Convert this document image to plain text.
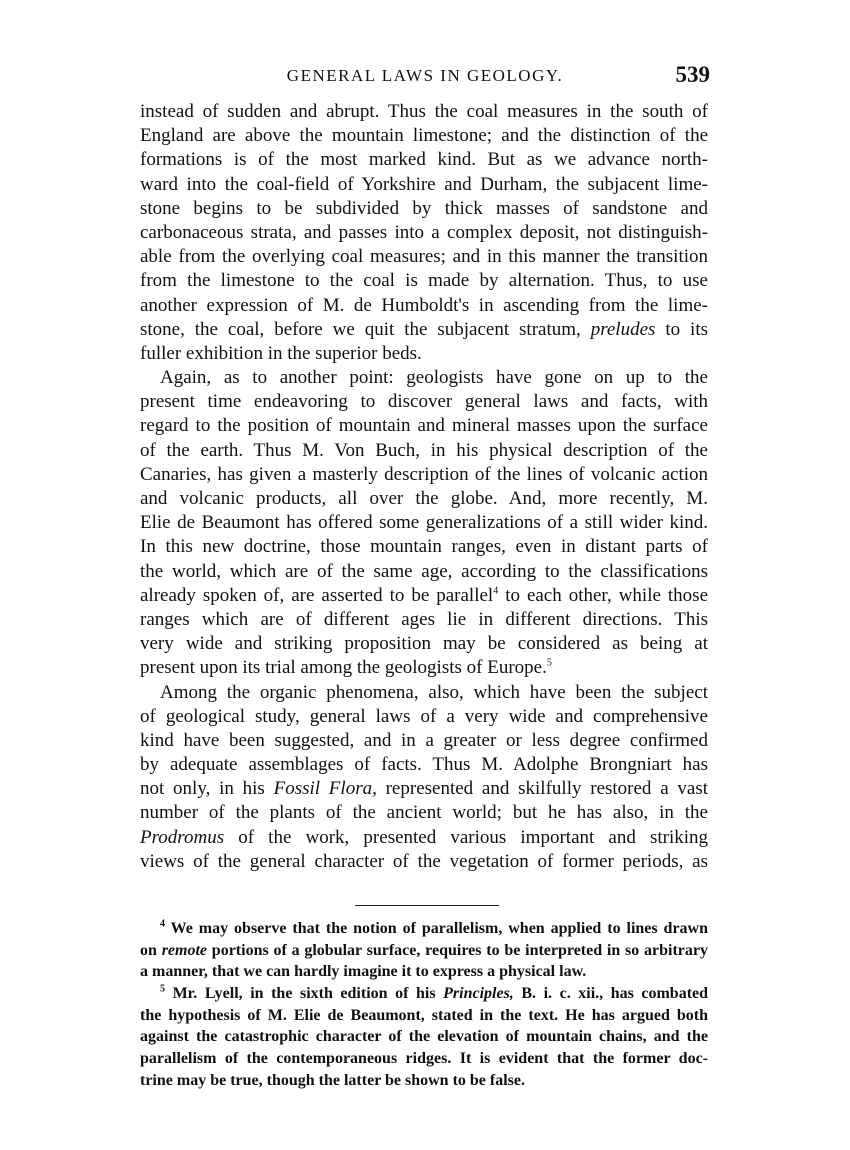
GENERAL LAWS IN GEOLOGY.	539
instead of sudden and abrupt. Thus the coal measures in the south of
England are above the mountain limestone; and the distinction of the
formations is of the most marked kind. But as we advance north-
ward into the coal-field of Yorkshire and Durham, the subjacent lime-
stone begins to be subdivided by thick masses of sandstone and
carbonaceous strata, and passes into a complex deposit, not distinguish-
able from the overlying coal measures; and in this manner the transition
from the limestone to the coal is made by alternation. Thus, to use
another expression of M. de Humboldt's in ascending from the lime-
stone, the coal, before we quit the subjacent stratum, preludes to its
fuller exhibition in the superior beds.
Again, as to another point: geologists have gone on up to the
present time endeavoring to discover general laws and facts, with
regard to the position of mountain and mineral masses upon the surface
of the earth. Thus M. Von Buch, in his physical description of the
Canaries, has given a masterly description of the lines of volcanic action
and volcanic products, all over the globe. And, more recently, M.
Elie de Beaumont has offered some generalizations of a still wider kind.
In this new doctrine, those mountain ranges, even in distant parts of
the world, which are of the same age, according to the classifications
already spoken of, are asserted to be parallel$^4$ to each other, while those
ranges which are of different ages lie in different directions. This
very wide and striking proposition may be considered as being at
present upon its trial among the geologists of Europe.$^5$
Among the organic phenomena, also, which have been the subject
of geological study, general laws of a very wide and comprehensive
kind have been suggested, and in a greater or less degree confirmed
by adequate assemblages of facts. Thus M. Adolphe Brongniart has
not only, in his Fossil Flora, represented and skilfully restored a vast
number of the plants of the ancient world; but he has also, in the
Prodromus of the work, presented various important and striking
views of the general character of the vegetation of former periods, as
$^4$ We may observe that the notion of parallelism, when applied to lines drawn
on remote portions of a globular surface, requires to be interpreted in so arbitrary
a manner, that we can hardly imagine it to express a physical law.
$^5$ Mr. Lyell, in the sixth edition of his Principles, B. i. c. xii., has combated
the hypothesis of M. Elie de Beaumont, stated in the text. He has argued both
against the catastrophic character of the elevation of mountain chains, and the
parallelism of the contemporaneous ridges. It is evident that the former doc-
trine may be true, though the latter be shown to be false.
